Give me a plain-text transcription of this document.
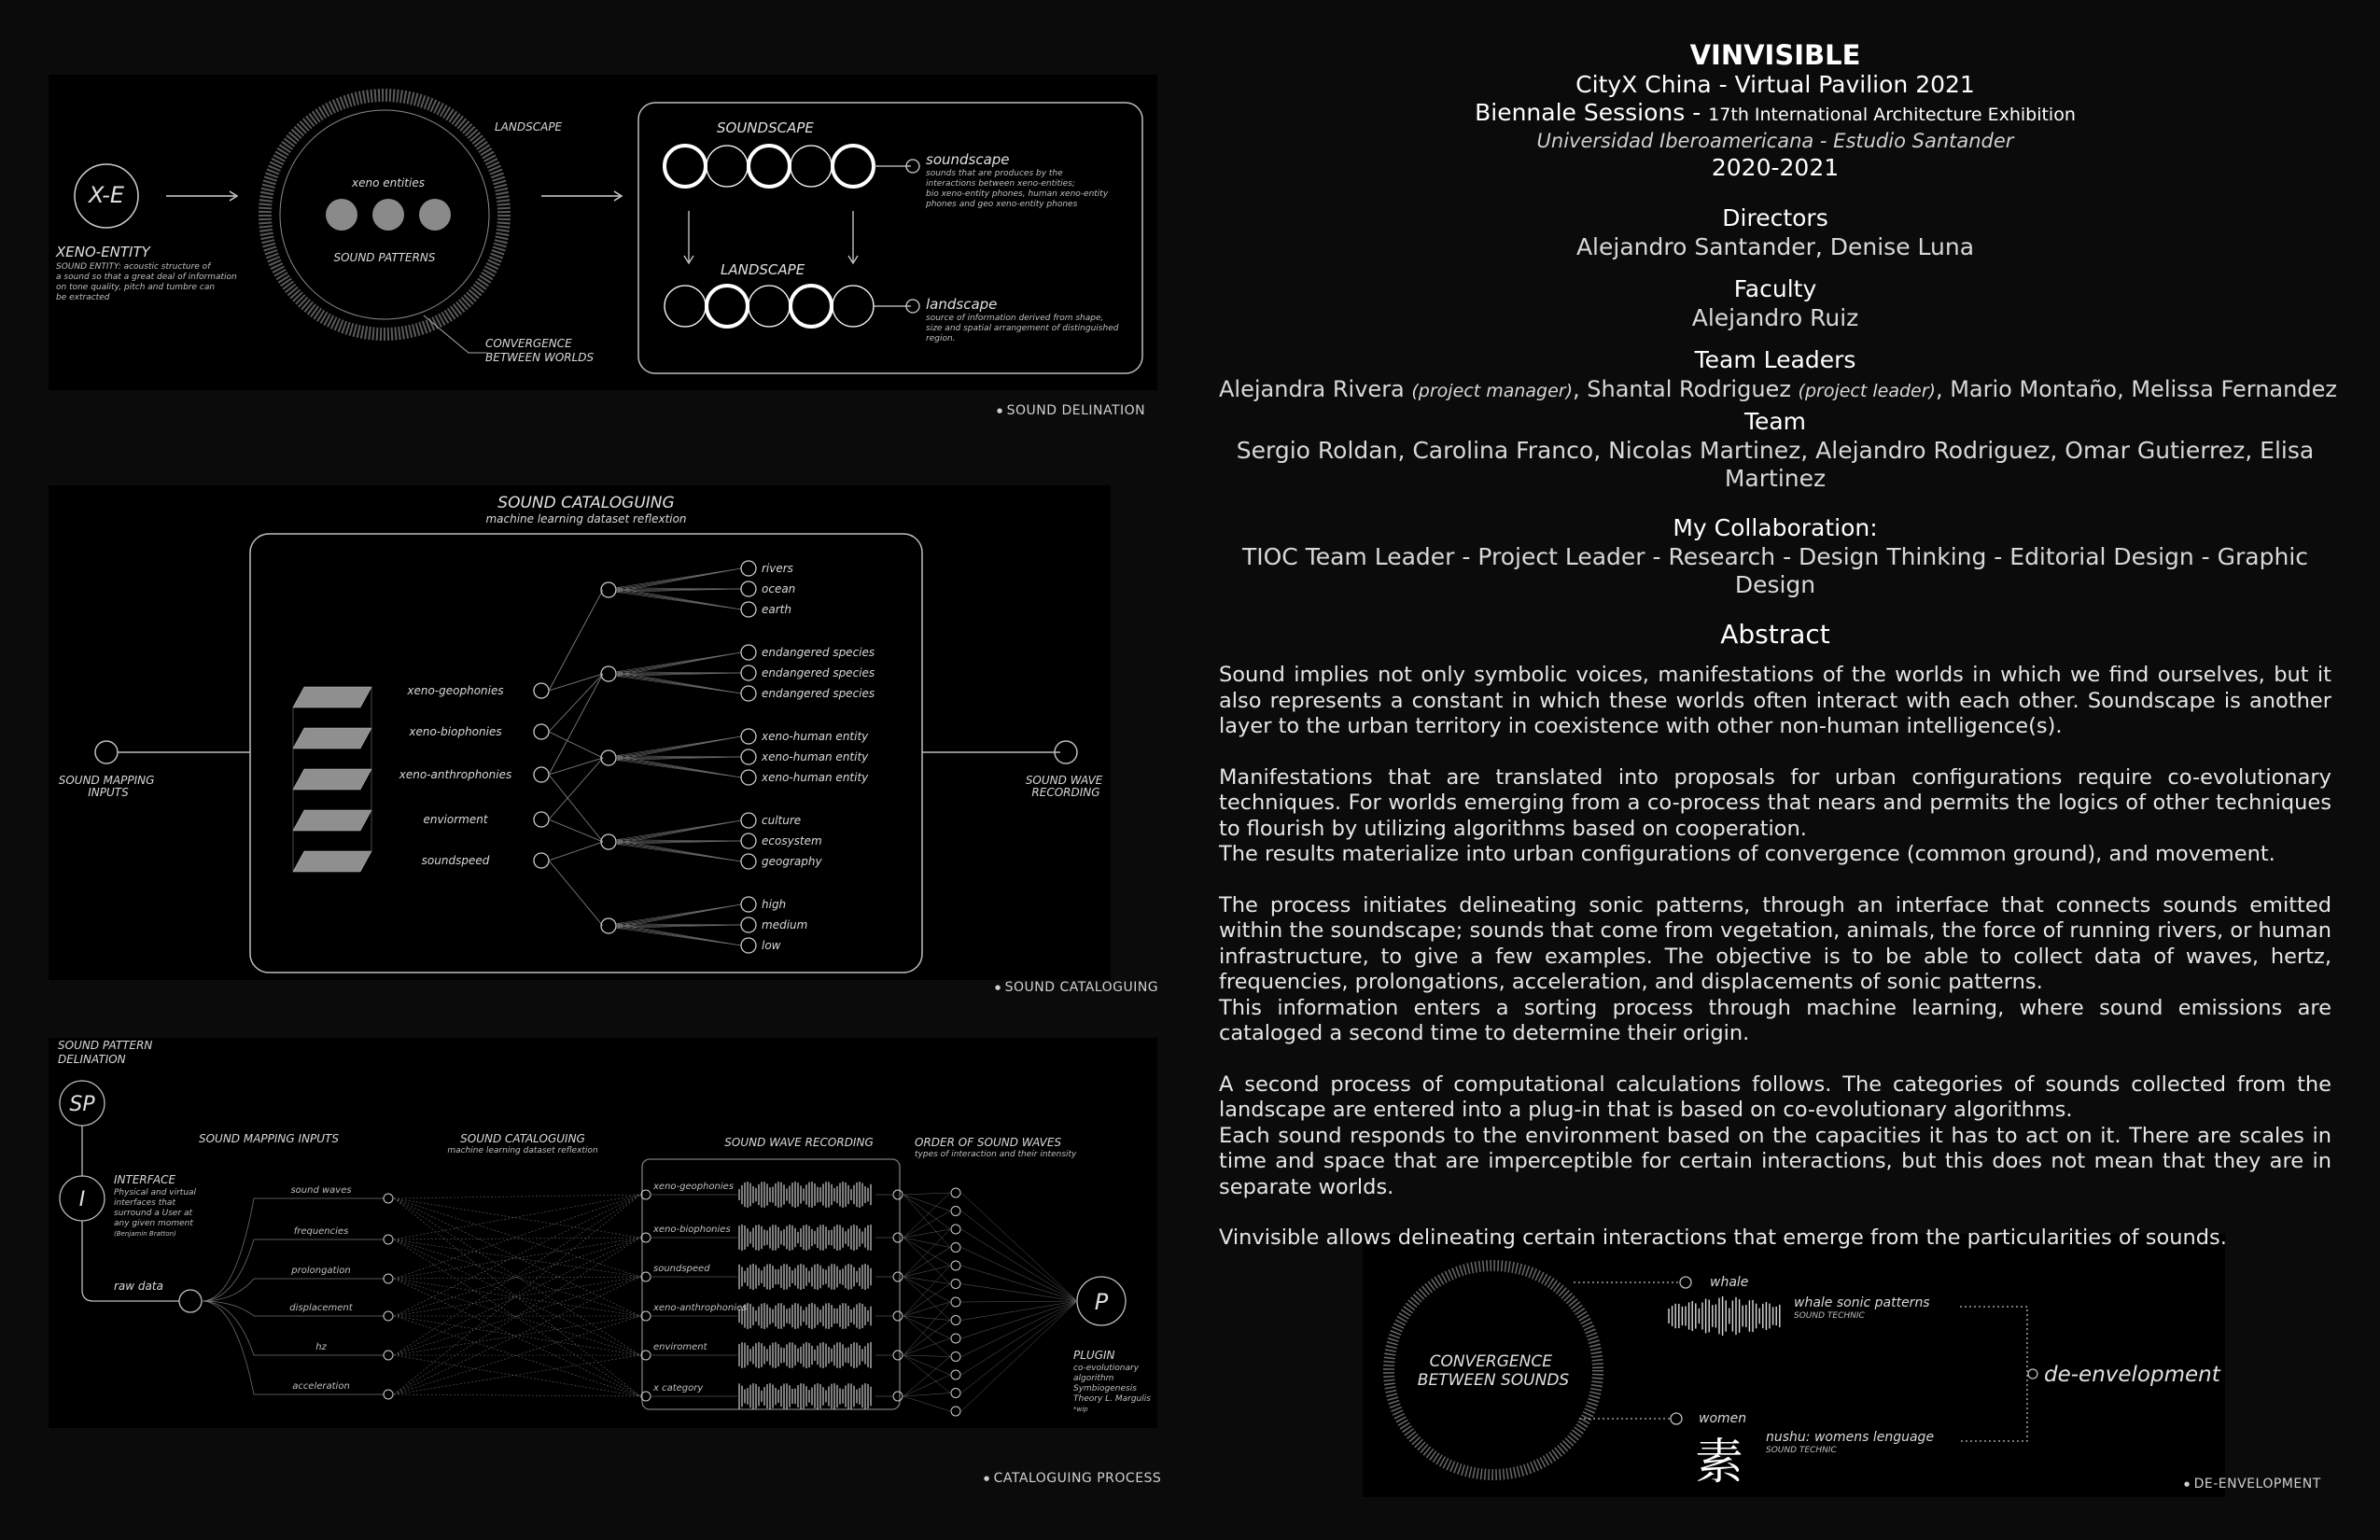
X-E
XENO-ENTITY
SOUND ENTITY: acoustic structure of a sound so that a great deal of information on tone quality, pitch and tumbre can be extracted
LANDSCAPE
xeno entities
SOUND PATTERNS
CONVERGENCE BETWEEN WORLDS
SOUNDSCAPE
LANDSCAPE
soundscape
sounds that are produces by the interactions between xeno-entities; bio xeno-entity phones, human xeno-entity phones and geo xeno-entity phones
landscape
source of information derived from shape, size and spatial arrangement of distinguished region.
● SOUND DELINATION
xeno-geophonies
xeno-biophonies
xeno-anthrophonies
enviorment
soundspeed
rivers
ocean
earth
endangered species
endangered species
endangered species
xeno-human entity
xeno-human entity
xeno-human entity
culture
ecosystem
geography
high
medium
low
SOUND CATALOGUING
machine learning dataset reflextion
SOUND MAPPING INPUTS
SOUND WAVE RECORDING
● SOUND CATALOGUING
sound waves
frequencies
prolongation
displacement
hz
acceleration
xeno-geophonies
xeno-biophonies
soundspeed
xeno-anthrophonies
enviroment
x category
SOUND PATTERN DELINATION
SP
I
INTERFACE
Physical and virtual interfaces that surround a User at any given moment (Benjamin Bratton)
raw data
SOUND MAPPING INPUTS	SOUND CATALOGUING
machine learning dataset reflextion
SOUND WAVE RECORDING	ORDER OF SOUND WAVES
types of interaction and their intensity
P
PLUGIN
co-evolutionary algorithm Symbiogenesis Theory L. Margulis *wip
● CATALOGUING PROCESS
CONVERGENCE BETWEEN SOUNDS
whale
whale sonic patterns
SOUND TECHNIC
women
nushu: womens lenguage
SOUND TECHNIC
素
de-envelopment
● DE-ENVELOPMENT
VINVISIBLE
CityX China - Virtual Pavilion 2021
Biennale Sessions - 17th International Architecture Exhibition
Universidad Iberoamericana - Estudio Santander
2020-2021
Directors
Alejandro Santander, Denise Luna
Faculty
Alejandro Ruiz
Team Leaders
Alejandra Rivera (project manager), Shantal Rodriguez (project leader), Mario Montaño, Melissa Fernandez
Team
Sergio Roldan, Carolina Franco, Nicolas Martinez, Alejandro Rodriguez, Omar Gutierrez, Elisa Martinez
My Collaboration:
TIOC Team Leader - Project Leader - Research - Design Thinking - Editorial Design - Graphic Design
Abstract

Sound implies not only symbolic voices, manifestations of the worlds in which we find ourselves, but it also represents a constant in which these worlds often interact with each other. Soundscape is another layer to the urban territory in coexistence with other non-human intelligence(s).

Manifestations that are translated into proposals for urban configurations require co-evolutionary techniques. For worlds emerging from a co-process that nears and permits the logics of other techniques to flourish by utilizing algorithms based on cooperation.
The results materialize into urban configurations of convergence (common ground), and movement.

The process initiates delineating sonic patterns, through an interface that connects sounds emitted within the soundscape; sounds that come from vegetation, animals, the force of running rivers, or human infrastructure, to give a few examples. The objective is to be able to collect data of waves, hertz, frequencies, prolongations, acceleration, and displacements of sonic patterns.
This information enters a sorting process through machine learning, where sound emissions are cataloged a second time to determine their origin.

A second process of computational calculations follows. The categories of sounds collected from the landscape are entered into a plug-in that is based on co-evolutionary algorithms.
Each sound responds to the environment based on the capacities it has to act on it. There are scales in time and space that are imperceptible for certain interactions, but this does not mean that they are in separate worlds.

Vinvisible allows delineating certain interactions that emerge from the particularities of sounds.
